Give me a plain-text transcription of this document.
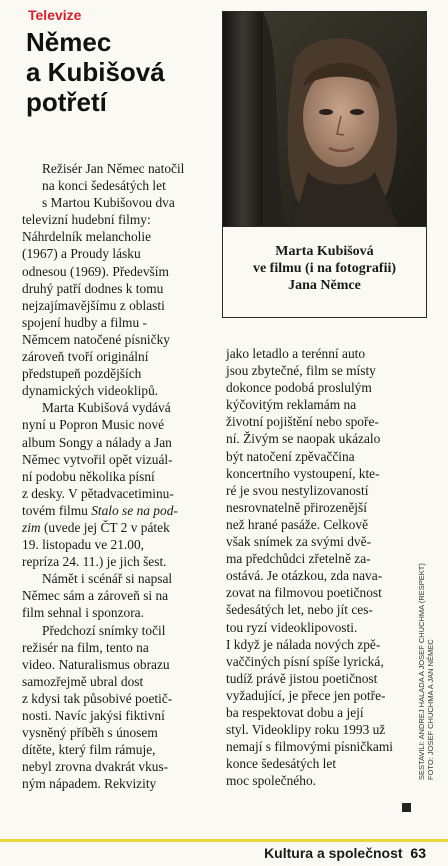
Televize
Němec
a Kubišová
potřetí
Marta Kubišová
ve filmu (i na fotografii)
Jana Němce
Režisér Jan Němec natočil
na konci šedesátých let
s Martou Kubišovou dva
televizní hudební filmy:
Náhrdelník melancholie
(1967) a Proudy lásku
odnesou (1969). Především
druhý patří dodnes k tomu
nejzajímavějšímu z oblasti
spojení hudby a filmu -
Němcem natočené písničky
zároveň tvoří originální
předstupeň pozdějších
dynamických videoklipů.
Marta Kubišová vydává
nyní u Popron Music nové
album Songy a nálady a Jan
Němec vytvořil opět vizuál-
ní podobu několika písní
z desky. V pětadvacetiminu-
tovém filmu Stalo se na pod-
zim (uvede jej ČT 2 v pátek
19. listopadu ve 21.00,
repríza 24. 11.) je jich šest.
Námět i scénář si napsal
Němec sám a zároveň si na
film sehnal i sponzora.
Předchozí snímky točil
režisér na film, tento na
video. Naturalismus obrazu
samozřejmě ubral dost
z kdysi tak působivé poetič-
nosti. Navíc jakýsi fiktivní
vysněný příběh s únosem
dítěte, který film rámuje,
nebyl zrovna dvakrát vkus-
ným nápadem. Rekvizity
jako letadlo a terénní auto
jsou zbytečné, film se místy
dokonce podobá proslulým
kýčovitým reklamám na
životní pojištění nebo spoře-
ní. Živým se naopak ukázalo
být natočení zpěvaččina
koncertního vystoupení, kte-
ré je svou nestylizovaností
nesrovnatelně přirozenější
než hrané pasáže. Celkově
však snímek za svými dvě-
ma předchůdci zřetelně za-
ostává. Je otázkou, zda nava-
zovat na filmovou poetičnost
šedesátých let, nebo jít ces-
tou ryzí videoklipovosti.
I když je nálada nových zpě-
vaččiných písní spíše lyrická,
tudíž právě jistou poetičnost
vyžadující, je přece jen potře-
ba respektovat dobu a její
styl. Videoklipy roku 1993 už
nemají s filmovými písničkami
konce šedesátých let
moc společného.
SESTAVILI: ANDREJ HALADA A JOSEF CHUCHMA (RESPEKT) FOTO: JOSEF CHUCHMA A JAN NĚMEC
Kultura a společnost 63
